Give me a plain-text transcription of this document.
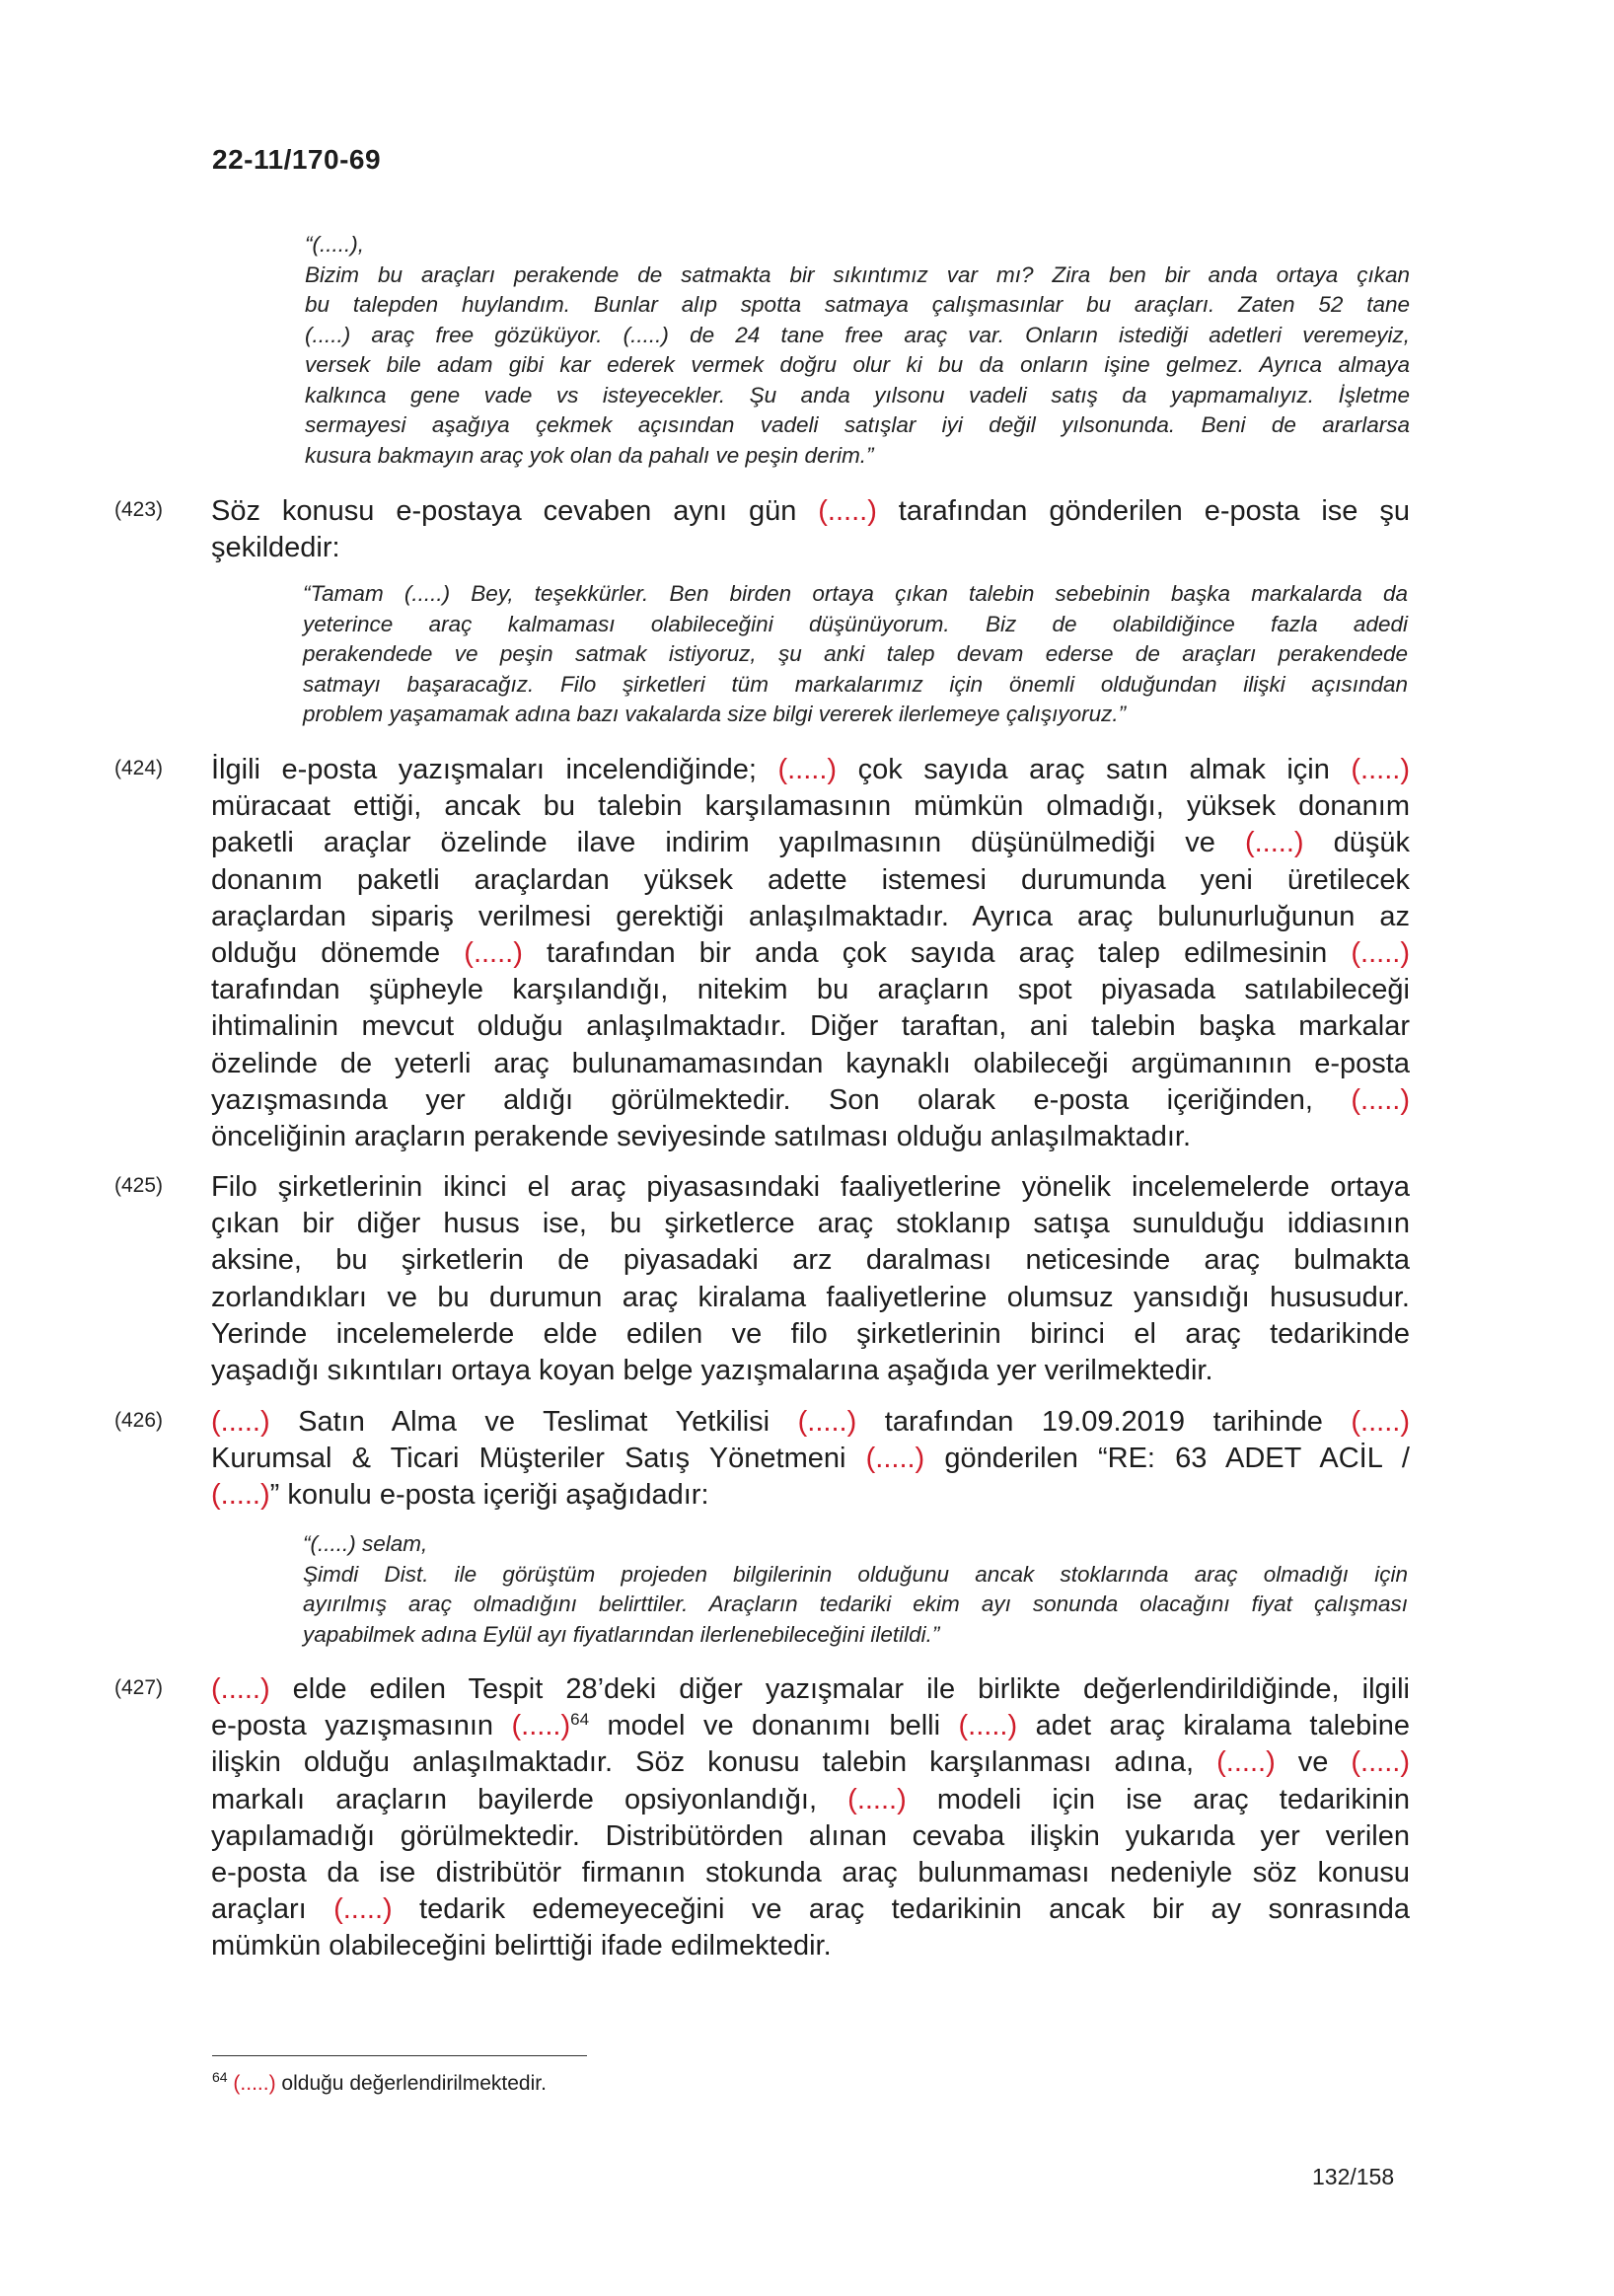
22-11/170-69
“(.....),
Bizim bu araçları perakende de satmakta bir sıkıntımız var mı? Zira ben bir anda ortaya çıkan
bu talepden huylandım. Bunlar alıp spotta satmaya çalışmasınlar bu araçları. Zaten 52 tane
(.....) araç free gözüküyor. (.....) de 24 tane free araç var. Onların istediği adetleri veremeyiz,
versek bile adam gibi kar ederek vermek doğru olur ki bu da onların işine gelmez. Ayrıca almaya
kalkınca gene vade vs isteyecekler. Şu anda yılsonu vadeli satış da yapmamalıyız. İşletme
sermayesi aşağıya çekmek açısından vadeli satışlar iyi değil yılsonunda. Beni de ararlarsa
kusura bakmayın araç yok olan da pahalı ve peşin derim.”
(423) Söz konusu e-postaya cevaben aynı gün (.....) tarafından gönderilen e-posta ise şu
şekildedir:
“Tamam (.....) Bey, teşekkürler. Ben birden ortaya çıkan talebin sebebinin başka markalarda da
yeterince araç kalmaması olabileceğini düşünüyorum. Biz de olabildiğince fazla adedi
perakendede ve peşin satmak istiyoruz, şu anki talep devam ederse de araçları perakendede
satmayı başaracağız. Filo şirketleri tüm markalarımız için önemli olduğundan ilişki açısından
problem yaşamamak adına bazı vakalarda size bilgi vererek ilerlemeye çalışıyoruz.”
(424) İlgili e-posta yazışmaları incelendiğinde; (.....) çok sayıda araç satın almak için (.....)
müracaat ettiği, ancak bu talebin karşılamasının mümkün olmadığı, yüksek donanım
paketli araçlar özelinde ilave indirim yapılmasının düşünülmediği ve (.....) düşük
donanım paketli araçlardan yüksek adette istemesi durumunda yeni üretilecek
araçlardan sipariş verilmesi gerektiği anlaşılmaktadır. Ayrıca araç bulunurluğunun az
olduğu dönemde (.....) tarafından bir anda çok sayıda araç talep edilmesinin (.....)
tarafından şüpheyle karşılandığı, nitekim bu araçların spot piyasada satılabileceği
ihtimalinin mevcut olduğu anlaşılmaktadır. Diğer taraftan, ani talebin başka markalar
özelinde de yeterli araç bulunamamasından kaynaklı olabileceği argümanının e-posta
yazışmasında yer aldığı görülmektedir. Son olarak e-posta içeriğinden, (.....)
önceliğinin araçların perakende seviyesinde satılması olduğu anlaşılmaktadır.
(425) Filo şirketlerinin ikinci el araç piyasasındaki faaliyetlerine yönelik incelemelerde ortaya
çıkan bir diğer husus ise, bu şirketlerce araç stoklanıp satışa sunulduğu iddiasının
aksine, bu şirketlerin de piyasadaki arz daralması neticesinde araç bulmakta
zorlandıkları ve bu durumun araç kiralama faaliyetlerine olumsuz yansıdığı hususudur.
Yerinde incelemelerde elde edilen ve filo şirketlerinin birinci el araç tedarikinde
yaşadığı sıkıntıları ortaya koyan belge yazışmalarına aşağıda yer verilmektedir.
(426) (.....) Satın Alma ve Teslimat Yetkilisi (.....) tarafından 19.09.2019 tarihinde (.....)
Kurumsal & Ticari Müşteriler Satış Yönetmeni (.....) gönderilen “RE: 63 ADET ACİL /
(.....)” konulu e-posta içeriği aşağıdadır:
“(.....) selam,
Şimdi Dist. ile görüştüm projeden bilgilerinin olduğunu ancak stoklarında araç olmadığı için
ayırılmış araç olmadığını belirttiler. Araçların tedariki ekim ayı sonunda olacağını fiyat çalışması
yapabilmek adına Eylül ayı fiyatlarından ilerlenebileceğini iletildi.”
(427) (.....) elde edilen Tespit 28’deki diğer yazışmalar ile birlikte değerlendirildiğinde, ilgili
e-posta yazışmasının (.....)$^{64}$ model ve donanımı belli (.....) adet araç kiralama talebine
ilişkin olduğu anlaşılmaktadır. Söz konusu talebin karşılanması adına, (.....) ve (.....)
markalı araçların bayilerde opsiyonlandığı, (.....) modeli için ise araç tedarikinin
yapılamadığı görülmektedir. Distribütörden alınan cevaba ilişkin yukarıda yer verilen
e-posta da ise distribütör firmanın stokunda araç bulunmaması nedeniyle söz konusu
araçları (.....) tedarik edemeyeceğini ve araç tedarikinin ancak bir ay sonrasında
mümkün olabileceğini belirttiği ifade edilmektedir.
$^{64}$ (.....) olduğu değerlendirilmektedir.
132/158
